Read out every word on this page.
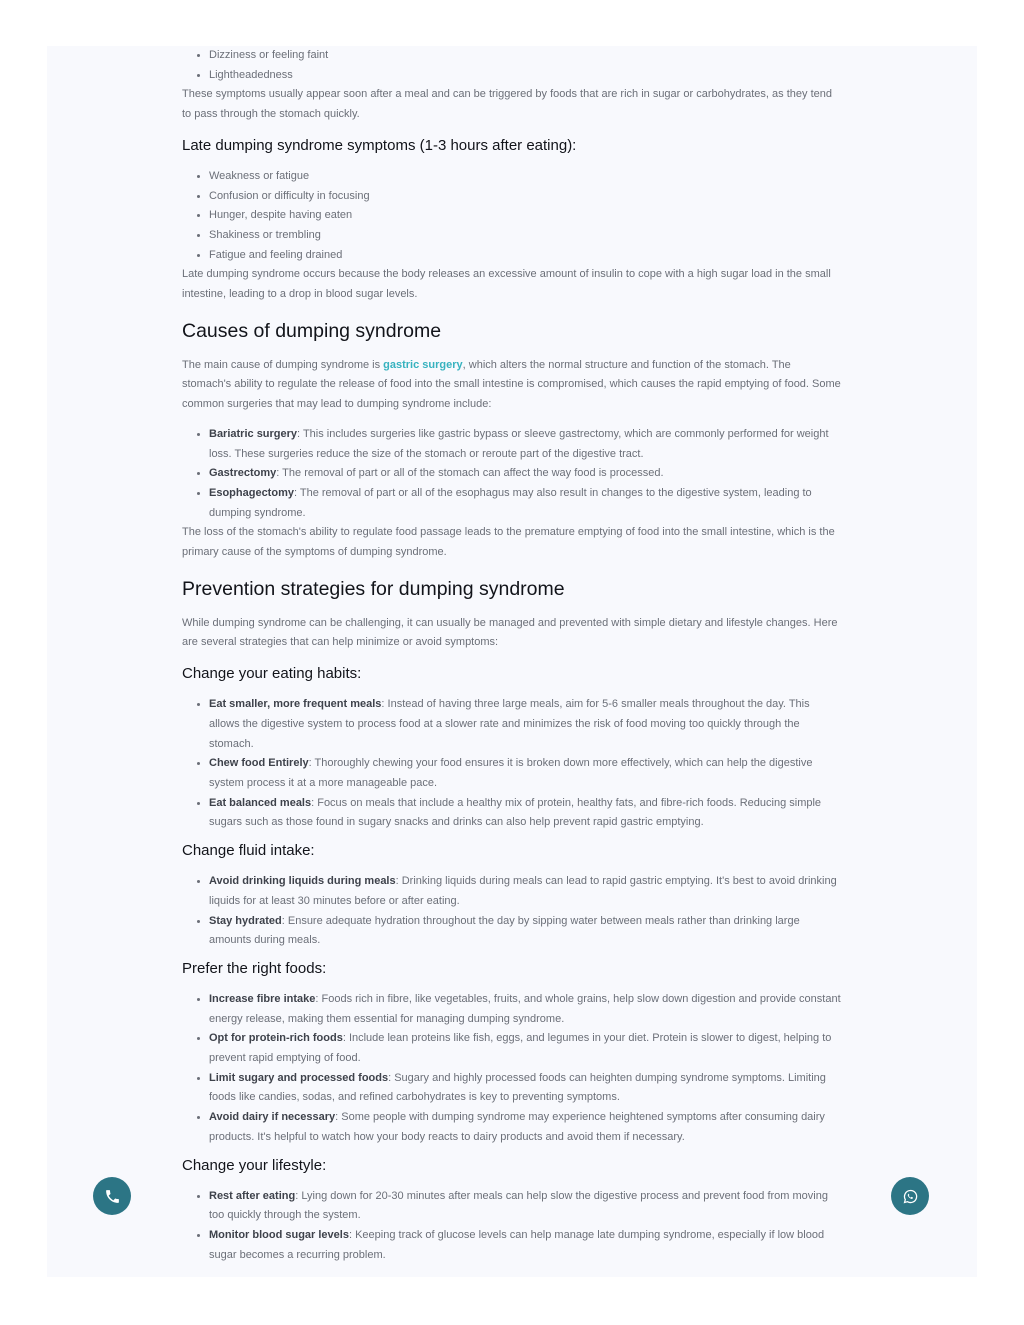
• Dizziness or feeling faint
• Lightheadedness

These symptoms usually appear soon after a meal and can be triggered by foods that are rich in sugar or carbohydrates, as they tend to pass through the stomach quickly.

Late dumping syndrome symptoms (1-3 hours after eating):
• Weakness or fatigue
• Confusion or difficulty in focusing
• Hunger, despite having eaten
• Shakiness or trembling
• Fatigue and feeling drained

Late dumping syndrome occurs because the body releases an excessive amount of insulin to cope with a high sugar load in the small intestine, leading to a drop in blood sugar levels.

Causes of dumping syndrome

The main cause of dumping syndrome is gastric surgery, which alters the normal structure and function of the stomach. The stomach's ability to regulate the release of food into the small intestine is compromised, which causes the rapid emptying of food. Some common surgeries that may lead to dumping syndrome include:

• Bariatric surgery: This includes surgeries like gastric bypass or sleeve gastrectomy, which are commonly performed for weight loss. These surgeries reduce the size of the stomach or reroute part of the digestive tract.
• Gastrectomy: The removal of part or all of the stomach can affect the way food is processed.
• Esophagectomy: The removal of part or all of the esophagus may also result in changes to the digestive system, leading to dumping syndrome.

The loss of the stomach's ability to regulate food passage leads to the premature emptying of food into the small intestine, which is the primary cause of the symptoms of dumping syndrome.

Prevention strategies for dumping syndrome

While dumping syndrome can be challenging, it can usually be managed and prevented with simple dietary and lifestyle changes. Here are several strategies that can help minimize or avoid symptoms:

Change your eating habits:
• Eat smaller, more frequent meals: Instead of having three large meals, aim for 5-6 smaller meals throughout the day. This allows the digestive system to process food at a slower rate and minimizes the risk of food moving too quickly through the stomach.
• Chew food Entirely: Thoroughly chewing your food ensures it is broken down more effectively, which can help the digestive system process it at a more manageable pace.
• Eat balanced meals: Focus on meals that include a healthy mix of protein, healthy fats, and fibre-rich foods. Reducing simple sugars such as those found in sugary snacks and drinks can also help prevent rapid gastric emptying.
Change fluid intake:
• Avoid drinking liquids during meals: Drinking liquids during meals can lead to rapid gastric emptying. It's best to avoid drinking liquids for at least 30 minutes before or after eating.
• Stay hydrated: Ensure adequate hydration throughout the day by sipping water between meals rather than drinking large amounts during meals.
Prefer the right foods:
• Increase fibre intake: Foods rich in fibre, like vegetables, fruits, and whole grains, help slow down digestion and provide constant energy release, making them essential for managing dumping syndrome.
• Opt for protein-rich foods: Include lean proteins like fish, eggs, and legumes in your diet. Protein is slower to digest, helping to prevent rapid emptying of food.
• Limit sugary and processed foods: Sugary and highly processed foods can heighten dumping syndrome symptoms. Limiting foods like candies, sodas, and refined carbohydrates is key to preventing symptoms.
• Avoid dairy if necessary: Some people with dumping syndrome may experience heightened symptoms after consuming dairy products. It's helpful to watch how your body reacts to dairy products and avoid them if necessary.
Change your lifestyle:
• Rest after eating: Lying down for 20-30 minutes after meals can help slow the digestive process and prevent food from moving too quickly through the system.
• Monitor blood sugar levels: Keeping track of glucose levels can help manage late dumping syndrome, especially if low blood sugar becomes a recurring problem.
